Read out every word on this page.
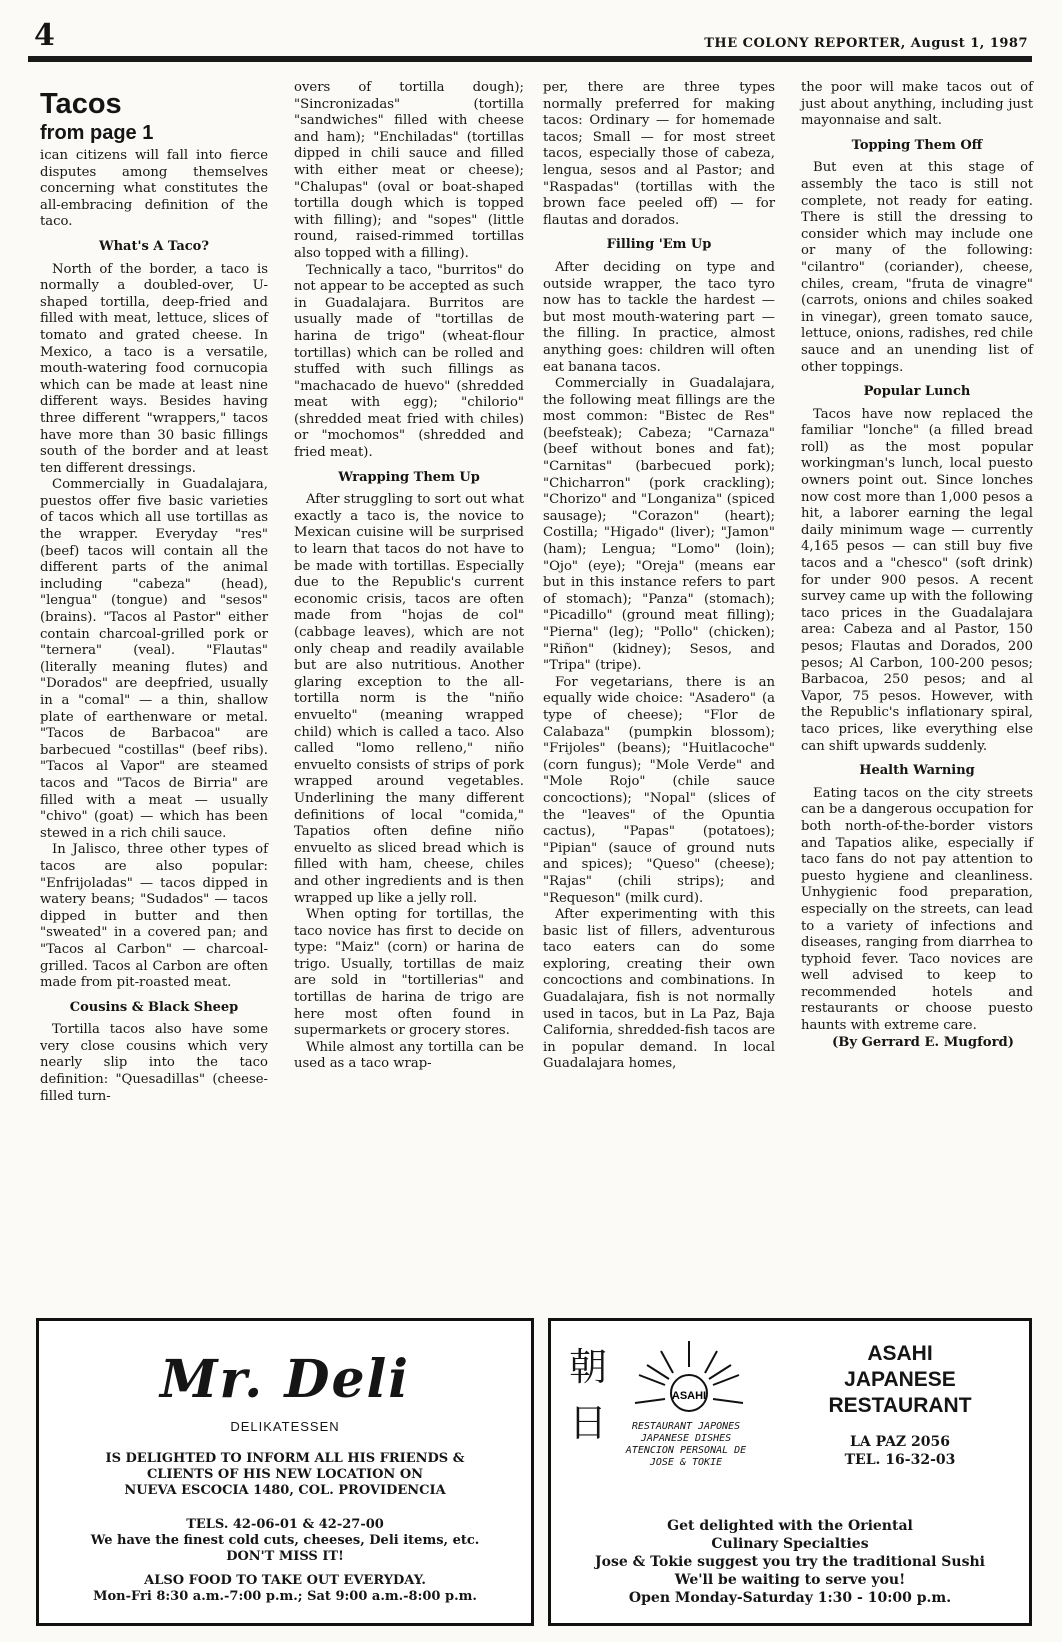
4	THE COLONY REPORTER, August 1, 1987
Tacos
from page 1

ican citizens will fall into fierce disputes among themselves concerning what constitutes the all-embracing definition of the taco.

What's A Taco?

North of the border, a taco is normally a doubled-over, U-shaped tortilla, deep-fried and filled with meat, lettuce, slices of tomato and grated cheese. In Mexico, a taco is a versatile, mouth-watering food cornucopia which can be made at least nine different ways. Besides having three different "wrappers," tacos have more than 30 basic fillings south of the border and at least ten different dressings.

Commercially in Guadalajara, puestos offer five basic varieties of tacos which all use tortillas as the wrapper. Everyday "res" (beef) tacos will contain all the different parts of the animal including "cabeza" (head), "lengua" (tongue) and "sesos" (brains). "Tacos al Pastor" either contain charcoal-grilled pork or "ternera" (veal). "Flautas" (literally meaning flutes) and "Dorados" are deepfried, usually in a "comal" — a thin, shallow plate of earthenware or metal. "Tacos de Barbacoa" are barbecued "costillas" (beef ribs). "Tacos al Vapor" are steamed tacos and "Tacos de Birria" are filled with a meat — usually "chivo" (goat) — which has been stewed in a rich chili sauce.

In Jalisco, three other types of tacos are also popular: "Enfrijoladas" — tacos dipped in watery beans; "Sudados" — tacos dipped in butter and then "sweated" in a covered pan; and "Tacos al Carbon" — charcoal-grilled. Tacos al Carbon are often made from pit-roasted meat.

Cousins & Black Sheep

Tortilla tacos also have some very close cousins which very nearly slip into the taco definition: "Quesadillas" (cheese-filled turn-

overs of tortilla dough); "Sincronizadas" (tortilla "sandwiches" filled with cheese and ham); "Enchiladas" (tortillas dipped in chili sauce and filled with either meat or cheese); "Chalupas" (oval or boat-shaped tortilla dough which is topped with filling); and "sopes" (little round, raised-rimmed tortillas also topped with a filling).

Technically a taco, "burritos" do not appear to be accepted as such in Guadalajara. Burritos are usually made of "tortillas de harina de trigo" (wheat-flour tortillas) which can be rolled and stuffed with such fillings as "machacado de huevo" (shredded meat with egg); "chilorio" (shredded meat fried with chiles) or "mochomos" (shredded and fried meat).

Wrapping Them Up

After struggling to sort out what exactly a taco is, the novice to Mexican cuisine will be surprised to learn that tacos do not have to be made with tortillas. Especially due to the Republic's current economic crisis, tacos are often made from "hojas de col" (cabbage leaves), which are not only cheap and readily available but are also nutritious. Another glaring exception to the all-tortilla norm is the "niño envuelto" (meaning wrapped child) which is called a taco. Also called "lomo relleno," niño envuelto consists of strips of pork wrapped around vegetables. Underlining the many different definitions of local "comida," Tapatios often define niño envuelto as sliced bread which is filled with ham, cheese, chiles and other ingredients and is then wrapped up like a jelly roll.

When opting for tortillas, the taco novice has first to decide on type: "Maiz" (corn) or harina de trigo. Usually, tortillas de maiz are sold in "tortillerias" and tortillas de harina de trigo are here most often found in supermarkets or grocery stores.

While almost any tortilla can be used as a taco wrap-

per, there are three types normally preferred for making tacos: Ordinary — for homemade tacos; Small — for most street tacos, especially those of cabeza, lengua, sesos and al Pastor; and "Raspadas" (tortillas with the brown face peeled off) — for flautas and dorados.

Filling 'Em Up

After deciding on type and outside wrapper, the taco tyro now has to tackle the hardest — but most mouth-watering part — the filling. In practice, almost anything goes: children will often eat banana tacos.

Commercially in Guadalajara, the following meat fillings are the most common: "Bistec de Res" (beefsteak); Cabeza; "Carnaza" (beef without bones and fat); "Carnitas" (barbecued pork); "Chicharron" (pork crackling); "Chorizo" and "Longaniza" (spiced sausage); "Corazon" (heart); Costilla; "Higado" (liver); "Jamon" (ham); Lengua; "Lomo" (loin); "Ojo" (eye); "Oreja" (means ear but in this instance refers to part of stomach); "Panza" (stomach); "Picadillo" (ground meat filling); "Pierna" (leg); "Pollo" (chicken); "Riñon" (kidney); Sesos, and "Tripa" (tripe).

For vegetarians, there is an equally wide choice: "Asadero" (a type of cheese); "Flor de Calabaza" (pumpkin blossom); "Frijoles" (beans); "Huitlacoche" (corn fungus); "Mole Verde" and "Mole Rojo" (chile sauce concoctions); "Nopal" (slices of the "leaves" of the Opuntia cactus), "Papas" (potatoes); "Pipian" (sauce of ground nuts and spices); "Queso" (cheese); "Rajas" (chili strips); and "Requeson" (milk curd).

After experimenting with this basic list of fillers, adventurous taco eaters can do some exploring, creating their own concoctions and combinations. In Guadalajara, fish is not normally used in tacos, but in La Paz, Baja California, shredded-fish tacos are in popular demand. In local Guadalajara homes,

the poor will make tacos out of just about anything, including just mayonnaise and salt.

Topping Them Off

But even at this stage of assembly the taco is still not complete, not ready for eating. There is still the dressing to consider which may include one or many of the following: "cilantro" (coriander), cheese, chiles, cream, "fruta de vinagre" (carrots, onions and chiles soaked in vinegar), green tomato sauce, lettuce, onions, radishes, red chile sauce and an unending list of other toppings.

Popular Lunch

Tacos have now replaced the familiar "lonche" (a filled bread roll) as the most popular workingman's lunch, local puesto owners point out. Since lonches now cost more than 1,000 pesos a hit, a laborer earning the legal daily minimum wage — currently 4,165 pesos — can still buy five tacos and a "chesco" (soft drink) for under 900 pesos. A recent survey came up with the following taco prices in the Guadalajara area: Cabeza and al Pastor, 150 pesos; Flautas and Dorados, 200 pesos; Al Carbon, 100-200 pesos; Barbacoa, 250 pesos; and al Vapor, 75 pesos. However, with the Republic's inflationary spiral, taco prices, like everything else can shift upwards suddenly.

Health Warning

Eating tacos on the city streets can be a dangerous occupation for both north-of-the-border vistors and Tapatios alike, especially if taco fans do not pay attention to puesto hygiene and cleanliness. Unhygienic food preparation, especially on the streets, can lead to a variety of infections and diseases, ranging from diarrhea to typhoid fever. Taco novices are well advised to keep to recommended hotels and restaurants or choose puesto haunts with extreme care.

(By Gerrard E. Mugford)

Mr. Deli
DELIKATESSEN
IS DELIGHTED TO INFORM ALL HIS FRIENDS &
CLIENTS OF HIS NEW LOCATION ON
NUEVA ESCOCIA 1480, COL. PROVIDENCIA
TELS. 42-06-01 & 42-27-00
We have the finest cold cuts, cheeses, Deli items, etc.
DON'T MISS IT!
ALSO FOOD TO TAKE OUT EVERYDAY.
Mon-Fri 8:30 a.m.-7:00 p.m.; Sat 9:00 a.m.-8:00 p.m.
朝
日
ASAHI
RESTAURANT JAPONES
JAPANESE DISHES
ATENCION PERSONAL DE
JOSE & TOKIE
ASAHI
JAPANESE
RESTAURANT
LA PAZ 2056
TEL. 16-32-03
Get delighted with the Oriental
Culinary Specialties
Jose & Tokie suggest you try the traditional Sushi
We'll be waiting to serve you!
Open Monday-Saturday 1:30 - 10:00 p.m.
